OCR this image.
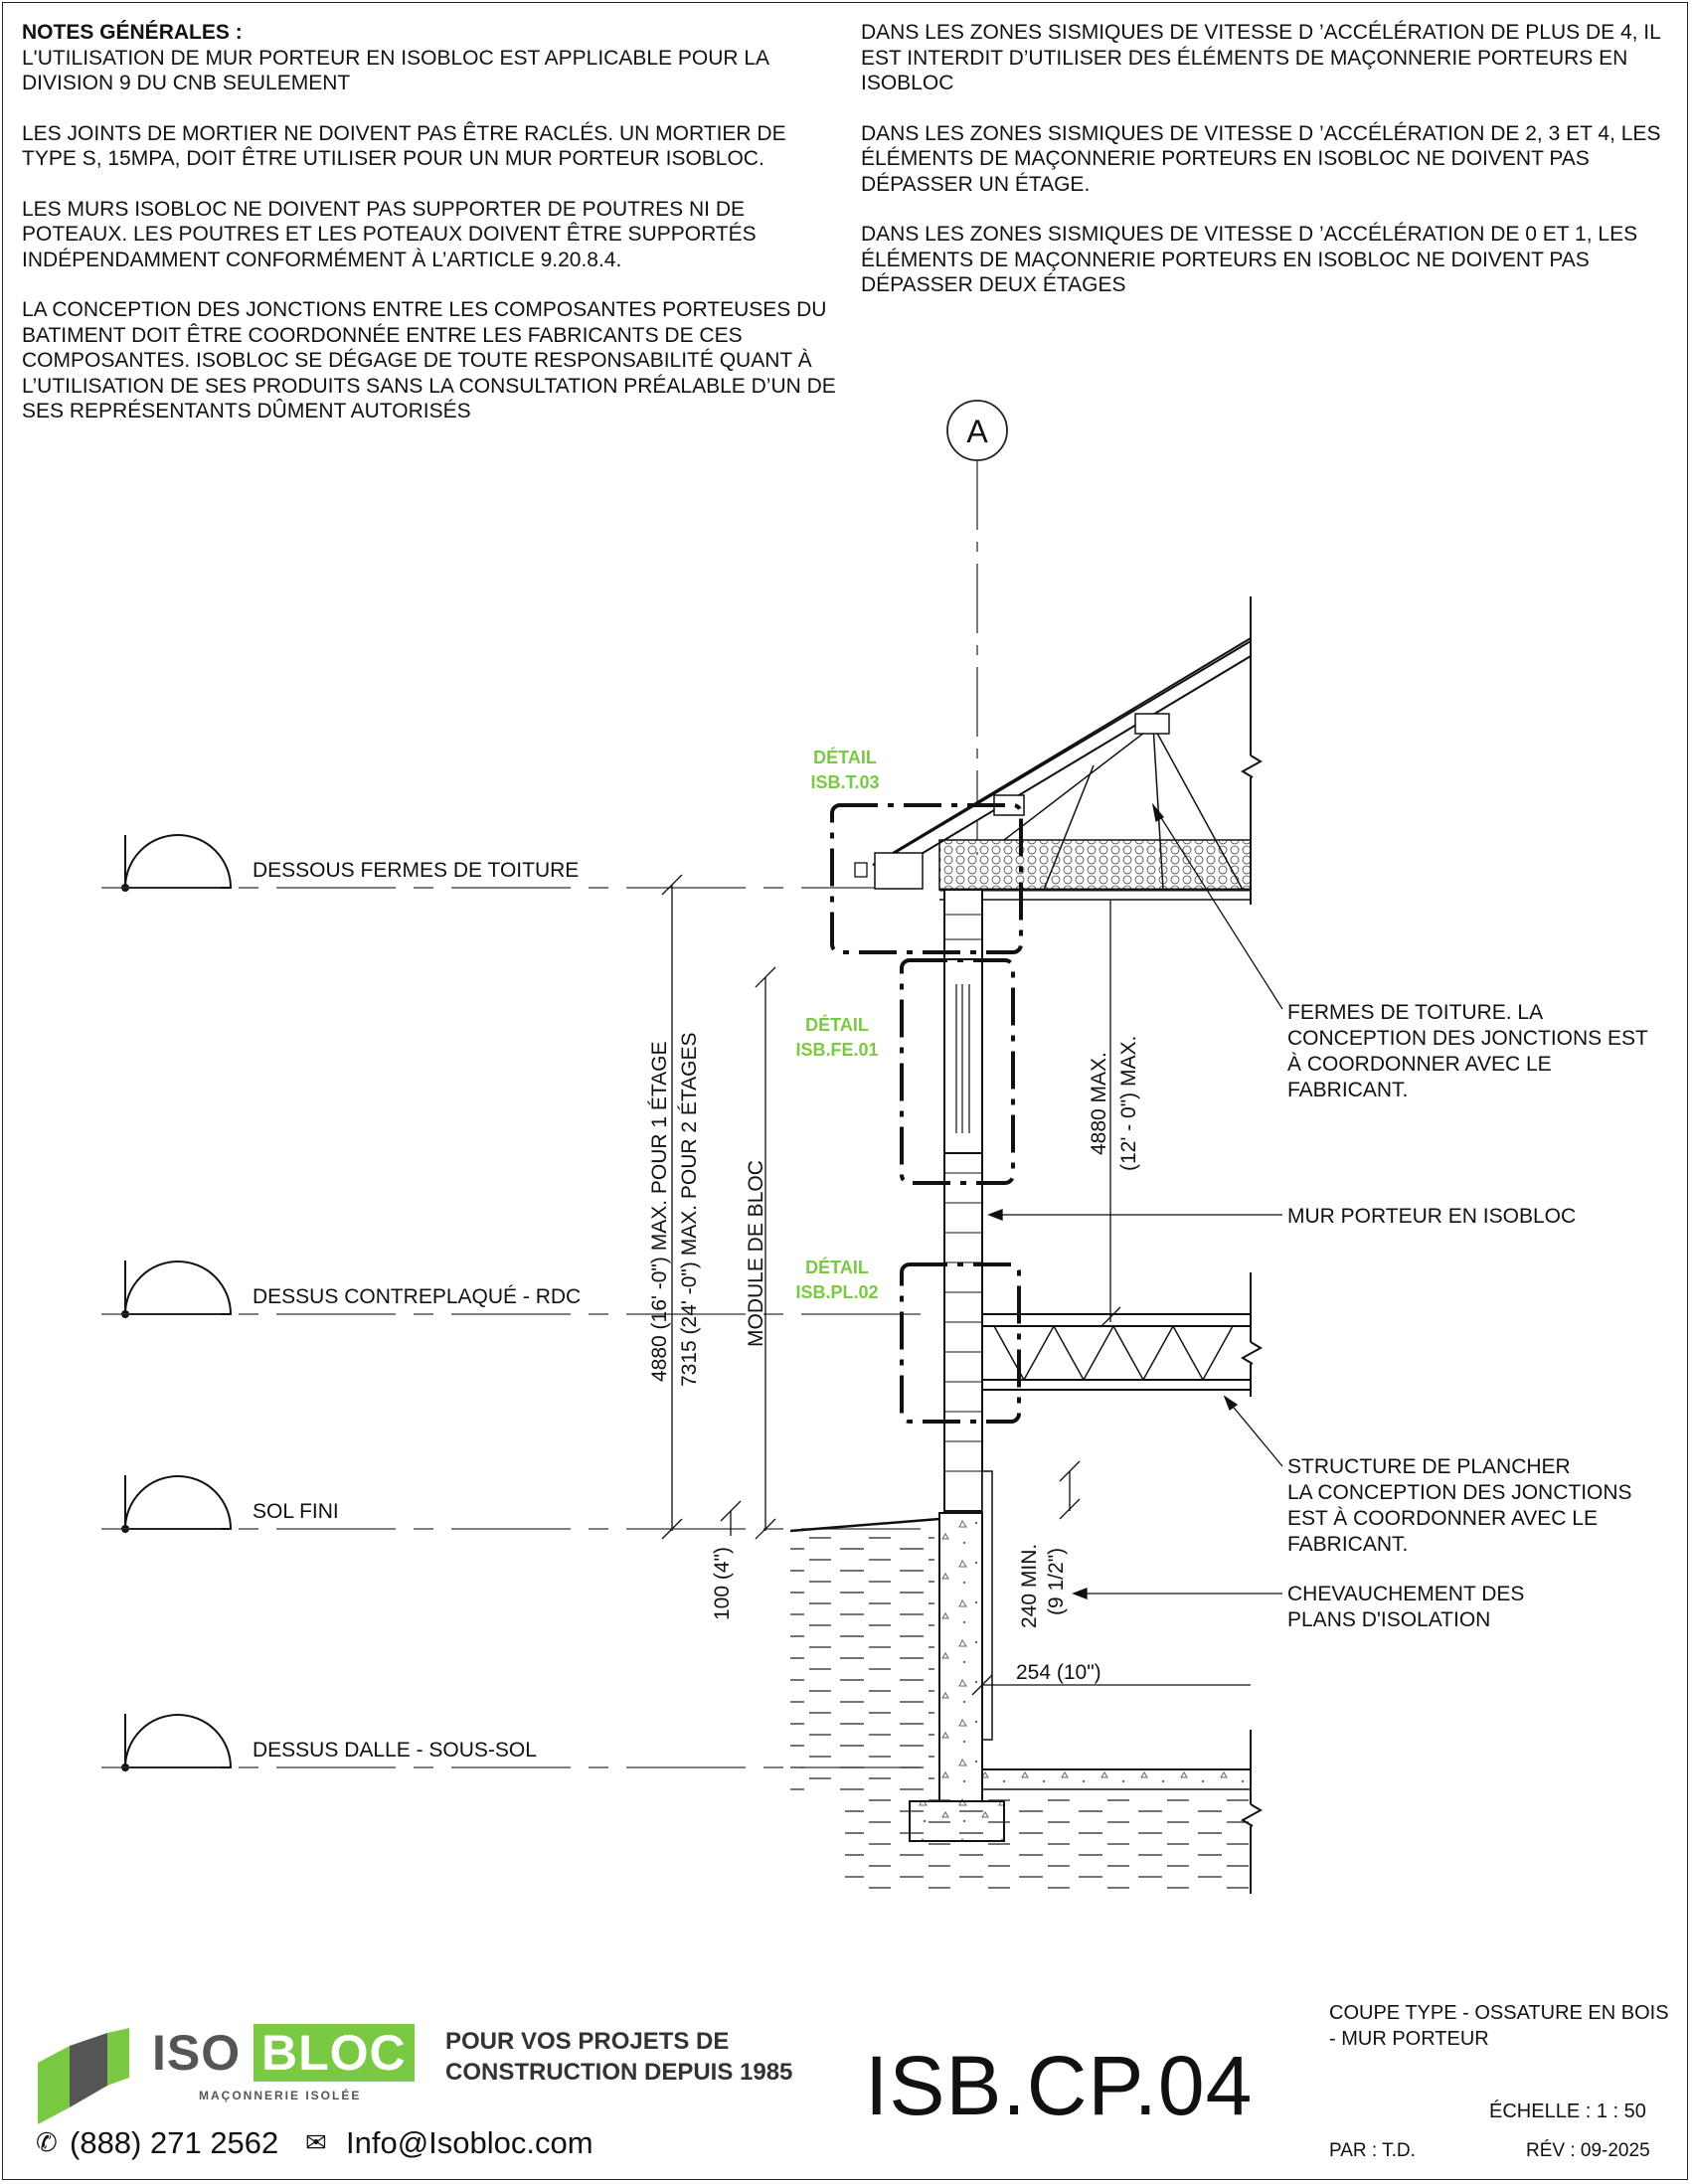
NOTES GÉNÉRALES :

L'UTILISATION DE MUR PORTEUR EN ISOBLOC EST APPLICABLE POUR LA DIVISION 9 DU CNB SEULEMENT

LES JOINTS DE MORTIER NE DOIVENT PAS ÊTRE RACLÉS. UN MORTIER DE TYPE S, 15MPA, DOIT ÊTRE UTILISER POUR UN MUR PORTEUR ISOBLOC.

LES MURS ISOBLOC NE DOIVENT PAS SUPPORTER DE POUTRES NI DE POTEAUX. LES POUTRES ET LES POTEAUX DOIVENT ÊTRE SUPPORTÉS INDÉPENDAMMENT CONFORMÉMENT À L’ARTICLE 9.20.8.4.

LA CONCEPTION DES JONCTIONS ENTRE LES COMPOSANTES PORTEUSES DU BATIMENT DOIT ÊTRE COORDONNÉE ENTRE LES FABRICANTS DE CES COMPOSANTES. ISOBLOC SE DÉGAGE DE TOUTE RESPONSABILITÉ QUANT À L’UTILISATION DE SES PRODUITS SANS LA CONSULTATION PRÉALABLE D’UN DE SES REPRÉSENTANTS DÛMENT AUTORISÉS

DANS LES ZONES SISMIQUES DE VITESSE D ’ACCÉLÉRATION DE PLUS DE 4, IL EST INTERDIT D’UTILISER DES ÉLÉMENTS DE MAÇONNERIE PORTEURS EN ISOBLOC

DANS LES ZONES SISMIQUES DE VITESSE D ’ACCÉLÉRATION DE 2, 3 ET 4, LES ÉLÉMENTS DE MAÇONNERIE PORTEURS EN ISOBLOC NE DOIVENT PAS DÉPASSER UN ÉTAGE.

DANS LES ZONES SISMIQUES DE VITESSE D ’ACCÉLÉRATION DE 0 ET 1, LES ÉLÉMENTS DE MAÇONNERIE PORTEURS EN ISOBLOC NE DOIVENT PAS DÉPASSER DEUX ÉTAGES

A
DESSOUS FERMES DE TOITURE
DESSUS CONTREPLAQUÉ - RDC
SOL FINI
DESSUS DALLE - SOUS-SOL
DÉTAIL
ISB.T.03
DÉTAIL
ISB.FE.01
DÉTAIL
ISB.PL.02
4880 (16' -0") MAX. POUR 1 ÉTAGE 7315 (24' -0") MAX. POUR 2 ÉTAGES MODULE DE BLOC
100 (4")
4880 MAX. (12' - 0") MAX.
240 MIN. (9 1/2")
254 (10")
FERMES DE TOITURE. LA
CONCEPTION DES JONCTIONS EST
À COORDONNER AVEC LE
FABRICANT.
MUR PORTEUR EN ISOBLOC
STRUCTURE DE PLANCHER
LA CONCEPTION DES JONCTIONS
EST À COORDONNER AVEC LE
FABRICANT.
CHEVAUCHEMENT DES
PLANS D'ISOLATION
✆	✉
ISO BLOC
MAÇONNERIE ISOLÉE
POUR VOS PROJETS DE CONSTRUCTION DEPUIS 1985
(888) 271 2562	Info@Isobloc.com
ISB.CP.04
COUPE TYPE - OSSATURE EN BOIS - MUR PORTEUR
ÉCHELLE : 1 : 50
PAR : T.D.	RÉV : 09-2025
